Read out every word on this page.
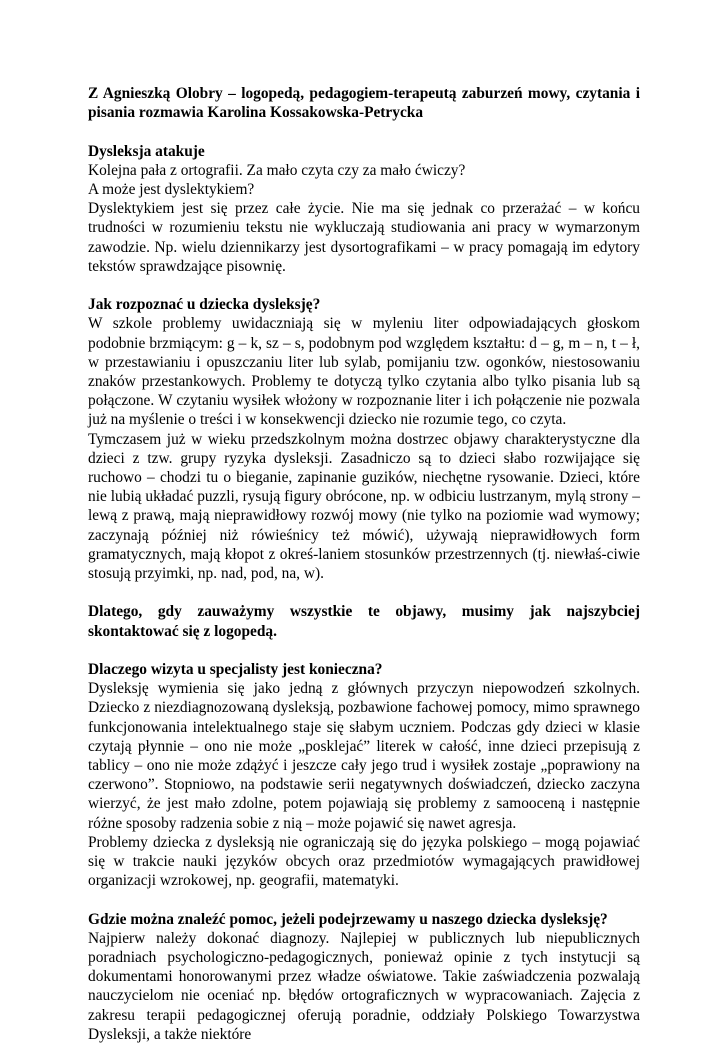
Z Agnieszką Olobry – logopedą, pedagogiem-terapeutą zaburzeń mowy, czytania i pisania rozmawia Karolina Kossakowska-Petrycka

Dysleksja atakuje

Kolejna pała z ortografii. Za mało czyta czy za mało ćwiczy?

A może jest dyslektykiem?

Dyslektykiem jest się przez całe życie. Nie ma się jednak co przerażać – w końcu trudności w rozumieniu tekstu nie wykluczają studiowania ani pracy w wymarzonym zawodzie. Np. wielu dziennikarzy jest dysortografikami – w pracy pomagają im edytory tekstów sprawdzające pisownię.

Jak rozpoznać u dziecka dysleksję?

W szkole problemy uwidaczniają się w myleniu liter odpowiadających głoskom podobnie brzmiącym: g – k, sz – s, podobnym pod względem kształtu: d – g, m – n, t – ł, w przestawianiu i opuszczaniu liter lub sylab, pomijaniu tzw. ogonków, niestosowaniu znaków przestankowych. Problemy te dotyczą tylko czytania albo tylko pisania lub są połączone. W czytaniu wysiłek włożony w rozpoznanie liter i ich połączenie nie pozwala już na myślenie o treści i w konsekwencji dziecko nie rozumie tego, co czyta.

Tymczasem już w wieku przedszkolnym można dostrzec objawy charakterystyczne dla dzieci z tzw. grupy ryzyka dysleksji. Zasadniczo są to dzieci słabo rozwijające się ruchowo – chodzi tu o bieganie, zapinanie guzików, niechętne rysowanie. Dzieci, które nie lubią układać puzzli, rysują figury obrócone, np. w odbiciu lustrzanym, mylą strony – lewą z prawą, mają nieprawidłowy rozwój mowy (nie tylko na poziomie wad wymowy; zaczynają później niż rówieśnicy też mówić), używają nieprawidłowych form gramatycznych, mają kłopot z okreś-laniem stosunków przestrzennych (tj. niewłaś-ciwie stosują przyimki, np. nad, pod, na, w).

Dlatego, gdy zauważymy wszystkie te objawy, musimy jak najszybciej skontaktować się z logopedą.

Dlaczego wizyta u specjalisty jest konieczna?

Dysleksję wymienia się jako jedną z głównych przyczyn niepowodzeń szkolnych. Dziecko z niezdiagnozowaną dysleksją, pozbawione fachowej pomocy, mimo sprawnego funkcjonowania intelektualnego staje się słabym uczniem. Podczas gdy dzieci w klasie czytają płynnie – ono nie może „posklejać” literek w całość, inne dzieci przepisują z tablicy – ono nie może zdążyć i jeszcze cały jego trud i wysiłek zostaje „poprawiony na czerwono”. Stopniowo, na podstawie serii negatywnych doświadczeń, dziecko zaczyna wierzyć, że jest mało zdolne, potem pojawiają się problemy z samooceną i następnie różne sposoby radzenia sobie z nią – może pojawić się nawet agresja.

Problemy dziecka z dysleksją nie ograniczają się do języka polskiego – mogą pojawiać się w trakcie nauki języków obcych oraz przedmiotów wymagających prawidłowej organizacji wzrokowej, np. geografii, matematyki.

Gdzie można znaleźć pomoc, jeżeli podejrzewamy u naszego dziecka dysleksję?

Najpierw należy dokonać diagnozy. Najlepiej w publicznych lub niepublicznych poradniach psychologiczno-pedagogicznych, ponieważ opinie z tych instytucji są dokumentami honorowanymi przez władze oświatowe. Takie zaświadczenia pozwalają nauczycielom nie oceniać np. błędów ortograficznych w wypracowaniach. Zajęcia z zakresu terapii pedagogicznej oferują poradnie, oddziały Polskiego Towarzystwa Dysleksji, a także niektóre
